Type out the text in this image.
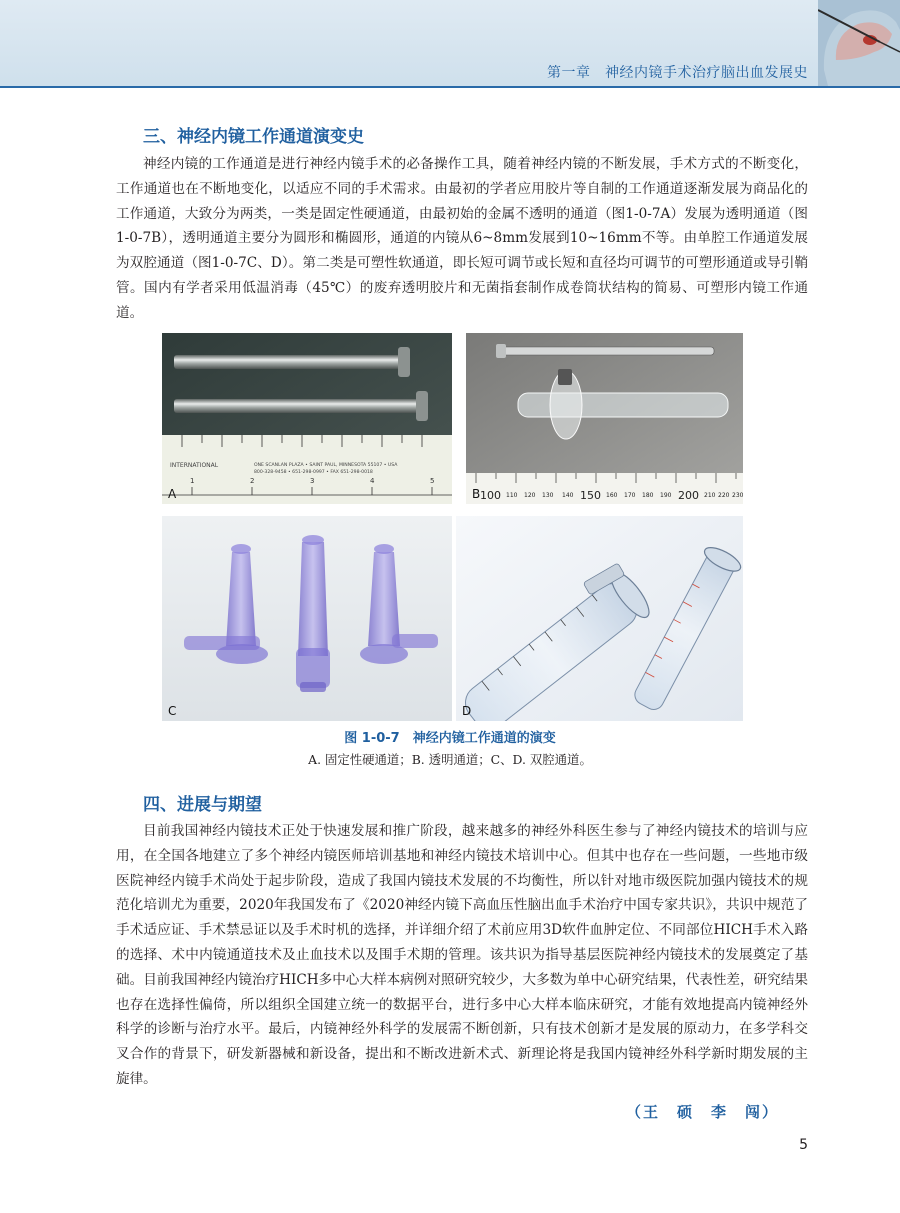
第一章　神经内镜手术治疗脑出血发展史
三、神经内镜工作通道演变史

神经内镜的工作通道是进行神经内镜手术的必备操作工具，随着神经内镜的不断发展，手术方式的不断变化，工作通道也在不断地变化，以适应不同的手术需求。由最初的学者应用胶片等自制的工作通道逐渐发展为商品化的工作通道，大致分为两类，一类是固定性硬通道，由最初始的金属不透明的通道（图1-0-7A）发展为透明通道（图1-0-7B），透明通道主要分为圆形和椭圆形，通道的内镜从6~8mm发展到10~16mm不等。由单腔工作通道发展为双腔通道（图1-0-7C、D）。第二类是可塑性软通道，即长短可调节或长短和直径均可调节的可塑形通道或导引鞘管。国内有学者采用低温消毒（45℃）的废弃透明胶片和无菌指套制作成卷筒状结构的简易、可塑形内镜工作通道。

INTERNATIONAL	ONE SCANLAN PLAZA • SAINT PAUL, MINNESOTA 55107 • USA
800-328-9458 • 651-298-0997 • FAX 651-298-0018
1	2	3	4	5
A	100 110 120 130 140 150 160 170 180 190 200 210 220 230
B
C	D
图 1-0-7　神经内镜工作通道的演变
A. 固定性硬通道；B. 透明通道；C、D. 双腔通道。
四、进展与期望

目前我国神经内镜技术正处于快速发展和推广阶段，越来越多的神经外科医生参与了神经内镜技术的培训与应用，在全国各地建立了多个神经内镜医师培训基地和神经内镜技术培训中心。但其中也存在一些问题，一些地市级医院神经内镜手术尚处于起步阶段，造成了我国内镜技术发展的不均衡性，所以针对地市级医院加强内镜技术的规范化培训尤为重要，2020年我国发布了《2020神经内镜下高血压性脑出血手术治疗中国专家共识》，共识中规范了手术适应证、手术禁忌证以及手术时机的选择，并详细介绍了术前应用3D软件血肿定位、不同部位HICH手术入路的选择、术中内镜通道技术及止血技术以及围手术期的管理。该共识为指导基层医院神经内镜技术的发展奠定了基础。目前我国神经内镜治疗HICH多中心大样本病例对照研究较少，大多数为单中心研究结果，代表性差，研究结果也存在选择性偏倚，所以组织全国建立统一的数据平台，进行多中心大样本临床研究，才能有效地提高内镜神经外科学的诊断与治疗水平。最后，内镜神经外科学的发展需不断创新，只有技术创新才是发展的原动力，在多学科交叉合作的背景下，研发新器械和新设备，提出和不断改进新术式、新理论将是我国内镜神经外科学新时期发展的主旋律。

（王　硕　李　闯）
5
